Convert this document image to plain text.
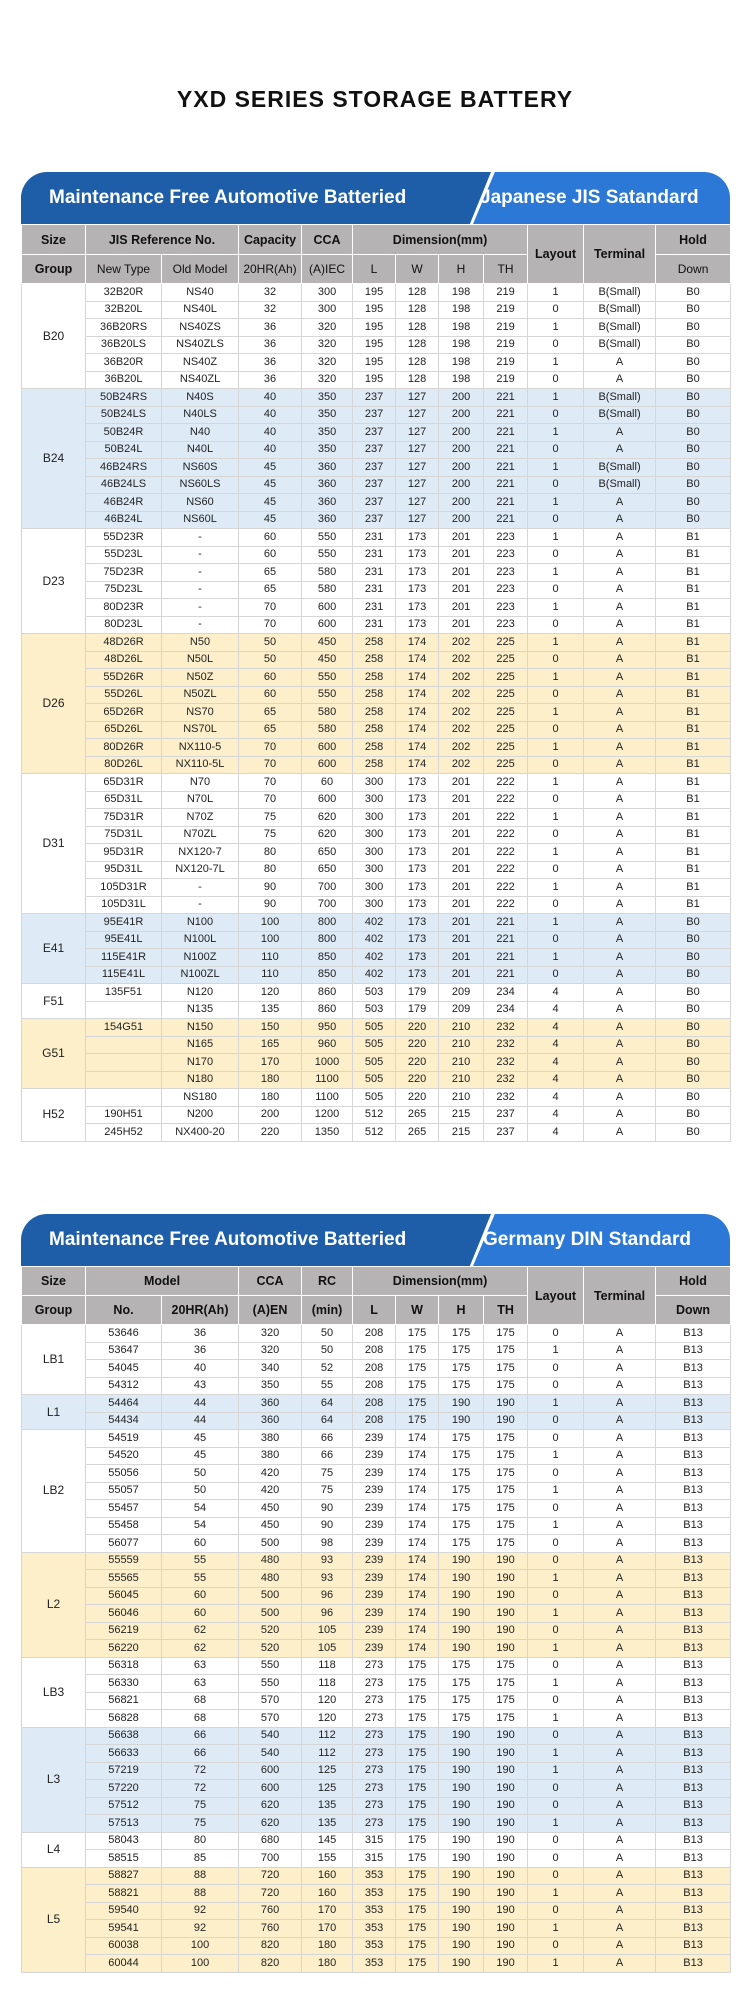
YXD SERIES STORAGE BATTERY
Maintenance Free Automotive Batteried	Japanese JIS Satandard
Size	JIS Reference No.		Capacity	CCA	Dimension(mm)				Layout	Terminal	Hold
Group	New Type	Old Model	20HR(Ah)	(A)IEC	L	W	H	TH			Down
B20	32B20R	NS40	32	300	195	128	198	219	1	B(Small)	B0
	32B20L	NS40L	32	300	195	128	198	219	0	B(Small)	B0
	36B20RS	NS40ZS	36	320	195	128	198	219	1	B(Small)	B0
	36B20LS	NS40ZLS	36	320	195	128	198	219	0	B(Small)	B0
	36B20R	NS40Z	36	320	195	128	198	219	1	A	B0
	36B20L	NS40ZL	36	320	195	128	198	219	0	A	B0
B24	50B24RS	N40S	40	350	237	127	200	221	1	B(Small)	B0
	50B24LS	N40LS	40	350	237	127	200	221	0	B(Small)	B0
	50B24R	N40	40	350	237	127	200	221	1	A	B0
	50B24L	N40L	40	350	237	127	200	221	0	A	B0
	46B24RS	NS60S	45	360	237	127	200	221	1	B(Small)	B0
	46B24LS	NS60LS	45	360	237	127	200	221	0	B(Small)	B0
	46B24R	NS60	45	360	237	127	200	221	1	A	B0
	46B24L	NS60L	45	360	237	127	200	221	0	A	B0
D23	55D23R	-	60	550	231	173	201	223	1	A	B1
	55D23L	-	60	550	231	173	201	223	0	A	B1
	75D23R	-	65	580	231	173	201	223	1	A	B1
	75D23L	-	65	580	231	173	201	223	0	A	B1
	80D23R	-	70	600	231	173	201	223	1	A	B1
	80D23L	-	70	600	231	173	201	223	0	A	B1
D26	48D26R	N50	50	450	258	174	202	225	1	A	B1
	48D26L	N50L	50	450	258	174	202	225	0	A	B1
	55D26R	N50Z	60	550	258	174	202	225	1	A	B1
	55D26L	N50ZL	60	550	258	174	202	225	0	A	B1
	65D26R	NS70	65	580	258	174	202	225	1	A	B1
	65D26L	NS70L	65	580	258	174	202	225	0	A	B1
	80D26R	NX110-5	70	600	258	174	202	225	1	A	B1
	80D26L	NX110-5L	70	600	258	174	202	225	0	A	B1
D31	65D31R	N70	70	60	300	173	201	222	1	A	B1
	65D31L	N70L	70	600	300	173	201	222	0	A	B1
	75D31R	N70Z	75	620	300	173	201	222	1	A	B1
	75D31L	N70ZL	75	620	300	173	201	222	0	A	B1
	95D31R	NX120-7	80	650	300	173	201	222	1	A	B1
	95D31L	NX120-7L	80	650	300	173	201	222	0	A	B1
	105D31R	-	90	700	300	173	201	222	1	A	B1
	105D31L	-	90	700	300	173	201	222	0	A	B1
E41	95E41R	N100	100	800	402	173	201	221	1	A	B0
	95E41L	N100L	100	800	402	173	201	221	0	A	B0
	115E41R	N100Z	110	850	402	173	201	221	1	A	B0
	115E41L	N100ZL	110	850	402	173	201	221	0	A	B0
F51	135F51	N120	120	860	503	179	209	234	4	A	B0
		N135	135	860	503	179	209	234	4	A	B0
G51	154G51	N150	150	950	505	220	210	232	4	A	B0
		N165	165	960	505	220	210	232	4	A	B0
		N170	170	1000	505	220	210	232	4	A	B0
		N180	180	1100	505	220	210	232	4	A	B0
H52		NS180	180	1100	505	220	210	232	4	A	B0
	190H51	N200	200	1200	512	265	215	237	4	A	B0
	245H52	NX400-20	220	1350	512	265	215	237	4	A	B0
Maintenance Free Automotive Batteried	Germany DIN Standard
Size	Model		CCA	RC	Dimension(mm)				Layout	Terminal	Hold
Group	No.	20HR(Ah)	(A)EN	(min)	L	W	H	TH			Down
LB1	53646	36	320	50	208	175	175	175	0	A	B13
	53647	36	320	50	208	175	175	175	1	A	B13
	54045	40	340	52	208	175	175	175	0	A	B13
	54312	43	350	55	208	175	175	175	0	A	B13
L1	54464	44	360	64	208	175	190	190	1	A	B13
	54434	44	360	64	208	175	190	190	0	A	B13
LB2	54519	45	380	66	239	174	175	175	0	A	B13
	54520	45	380	66	239	174	175	175	1	A	B13
	55056	50	420	75	239	174	175	175	0	A	B13
	55057	50	420	75	239	174	175	175	1	A	B13
	55457	54	450	90	239	174	175	175	0	A	B13
	55458	54	450	90	239	174	175	175	1	A	B13
	56077	60	500	98	239	174	175	175	0	A	B13
L2	55559	55	480	93	239	174	190	190	0	A	B13
	55565	55	480	93	239	174	190	190	1	A	B13
	56045	60	500	96	239	174	190	190	0	A	B13
	56046	60	500	96	239	174	190	190	1	A	B13
	56219	62	520	105	239	174	190	190	0	A	B13
	56220	62	520	105	239	174	190	190	1	A	B13
LB3	56318	63	550	118	273	175	175	175	0	A	B13
	56330	63	550	118	273	175	175	175	1	A	B13
	56821	68	570	120	273	175	175	175	0	A	B13
	56828	68	570	120	273	175	175	175	1	A	B13
L3	56638	66	540	112	273	175	190	190	0	A	B13
	56633	66	540	112	273	175	190	190	1	A	B13
	57219	72	600	125	273	175	190	190	1	A	B13
	57220	72	600	125	273	175	190	190	0	A	B13
	57512	75	620	135	273	175	190	190	0	A	B13
	57513	75	620	135	273	175	190	190	1	A	B13
L4	58043	80	680	145	315	175	190	190	0	A	B13
	58515	85	700	155	315	175	190	190	0	A	B13
L5	58827	88	720	160	353	175	190	190	0	A	B13
	58821	88	720	160	353	175	190	190	1	A	B13
	59540	92	760	170	353	175	190	190	0	A	B13
	59541	92	760	170	353	175	190	190	1	A	B13
	60038	100	820	180	353	175	190	190	0	A	B13
	60044	100	820	180	353	175	190	190	1	A	B13
